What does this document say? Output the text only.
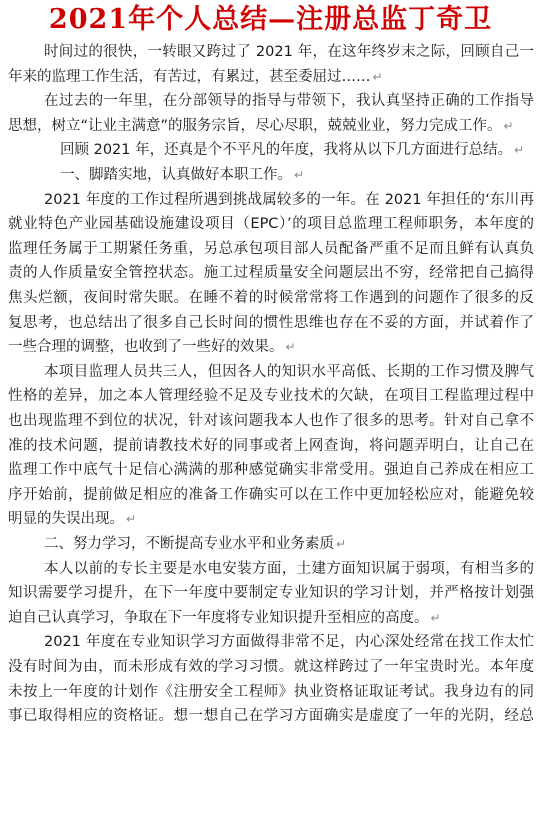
2021年个人总结—注册总监丁奇卫
时间过的很快，一转眼又跨过了 2021 年，在这年终岁末之际，回顾自己一
年来的监理工作生活，有苦过，有累过，甚至委屈过…… ↵
在过去的一年里，在分部领导的指导与带领下，我认真坚持正确的工作指导
思想，树立“让业主满意”的服务宗旨，尽心尽职，兢兢业业，努力完成工作。 ↵
回顾 2021 年，还真是个不平凡的年度，我将从以下几方面进行总结。 ↵
一、脚踏实地，认真做好本职工作。 ↵
2021 年度的工作过程所遇到挑战属较多的一年。在 2021 年担任的‘东川再
就业特色产业园基础设施建设项目（EPC）’的项目总监理工程师职务，本年度的
监理任务属于工期紧任务重，另总承包项目部人员配备严重不足而且鲜有认真负
责的人作质量安全管控状态。施工过程质量安全问题层出不穷，经常把自己搞得
焦头烂额，夜间时常失眠。在睡不着的时候常常将工作遇到的问题作了很多的反
复思考，也总结出了很多自己长时间的惯性思维也存在不妥的方面，并试着作了
一些合理的调整，也收到了一些好的效果。 ↵
本项目监理人员共三人，但因各人的知识水平高低、长期的工作习惯及脾气
性格的差异，加之本人管理经验不足及专业技术的欠缺，在项目工程监理过程中
也出现监理不到位的状况，针对该问题我本人也作了很多的思考。针对自己拿不
准的技术问题，提前请教技术好的同事或者上网查询，将问题弄明白，让自己在
监理工作中底气十足信心满满的那种感觉确实非常受用。强迫自己养成在相应工
序开始前，提前做足相应的准备工作确实可以在工作中更加轻松应对，能避免较
明显的失误出现。 ↵
二、努力学习，不断提高专业水平和业务素质 ↵
本人以前的专长主要是水电安装方面，土建方面知识属于弱项，有相当多的
知识需要学习提升，在下一年度中要制定专业知识的学习计划，并严格按计划强
迫自己认真学习，争取在下一年度将专业知识提升至相应的高度。 ↵
2021 年度在专业知识学习方面做得非常不足，内心深处经常在找工作太忙
没有时间为由，而未形成有效的学习习惯。就这样跨过了一年宝贵时光。本年度
未按上一年度的计划作《注册安全工程师》执业资格证取证考试。我身边有的同
事已取得相应的资格证。想一想自己在学习方面确实是虚度了一年的光阴，经总
